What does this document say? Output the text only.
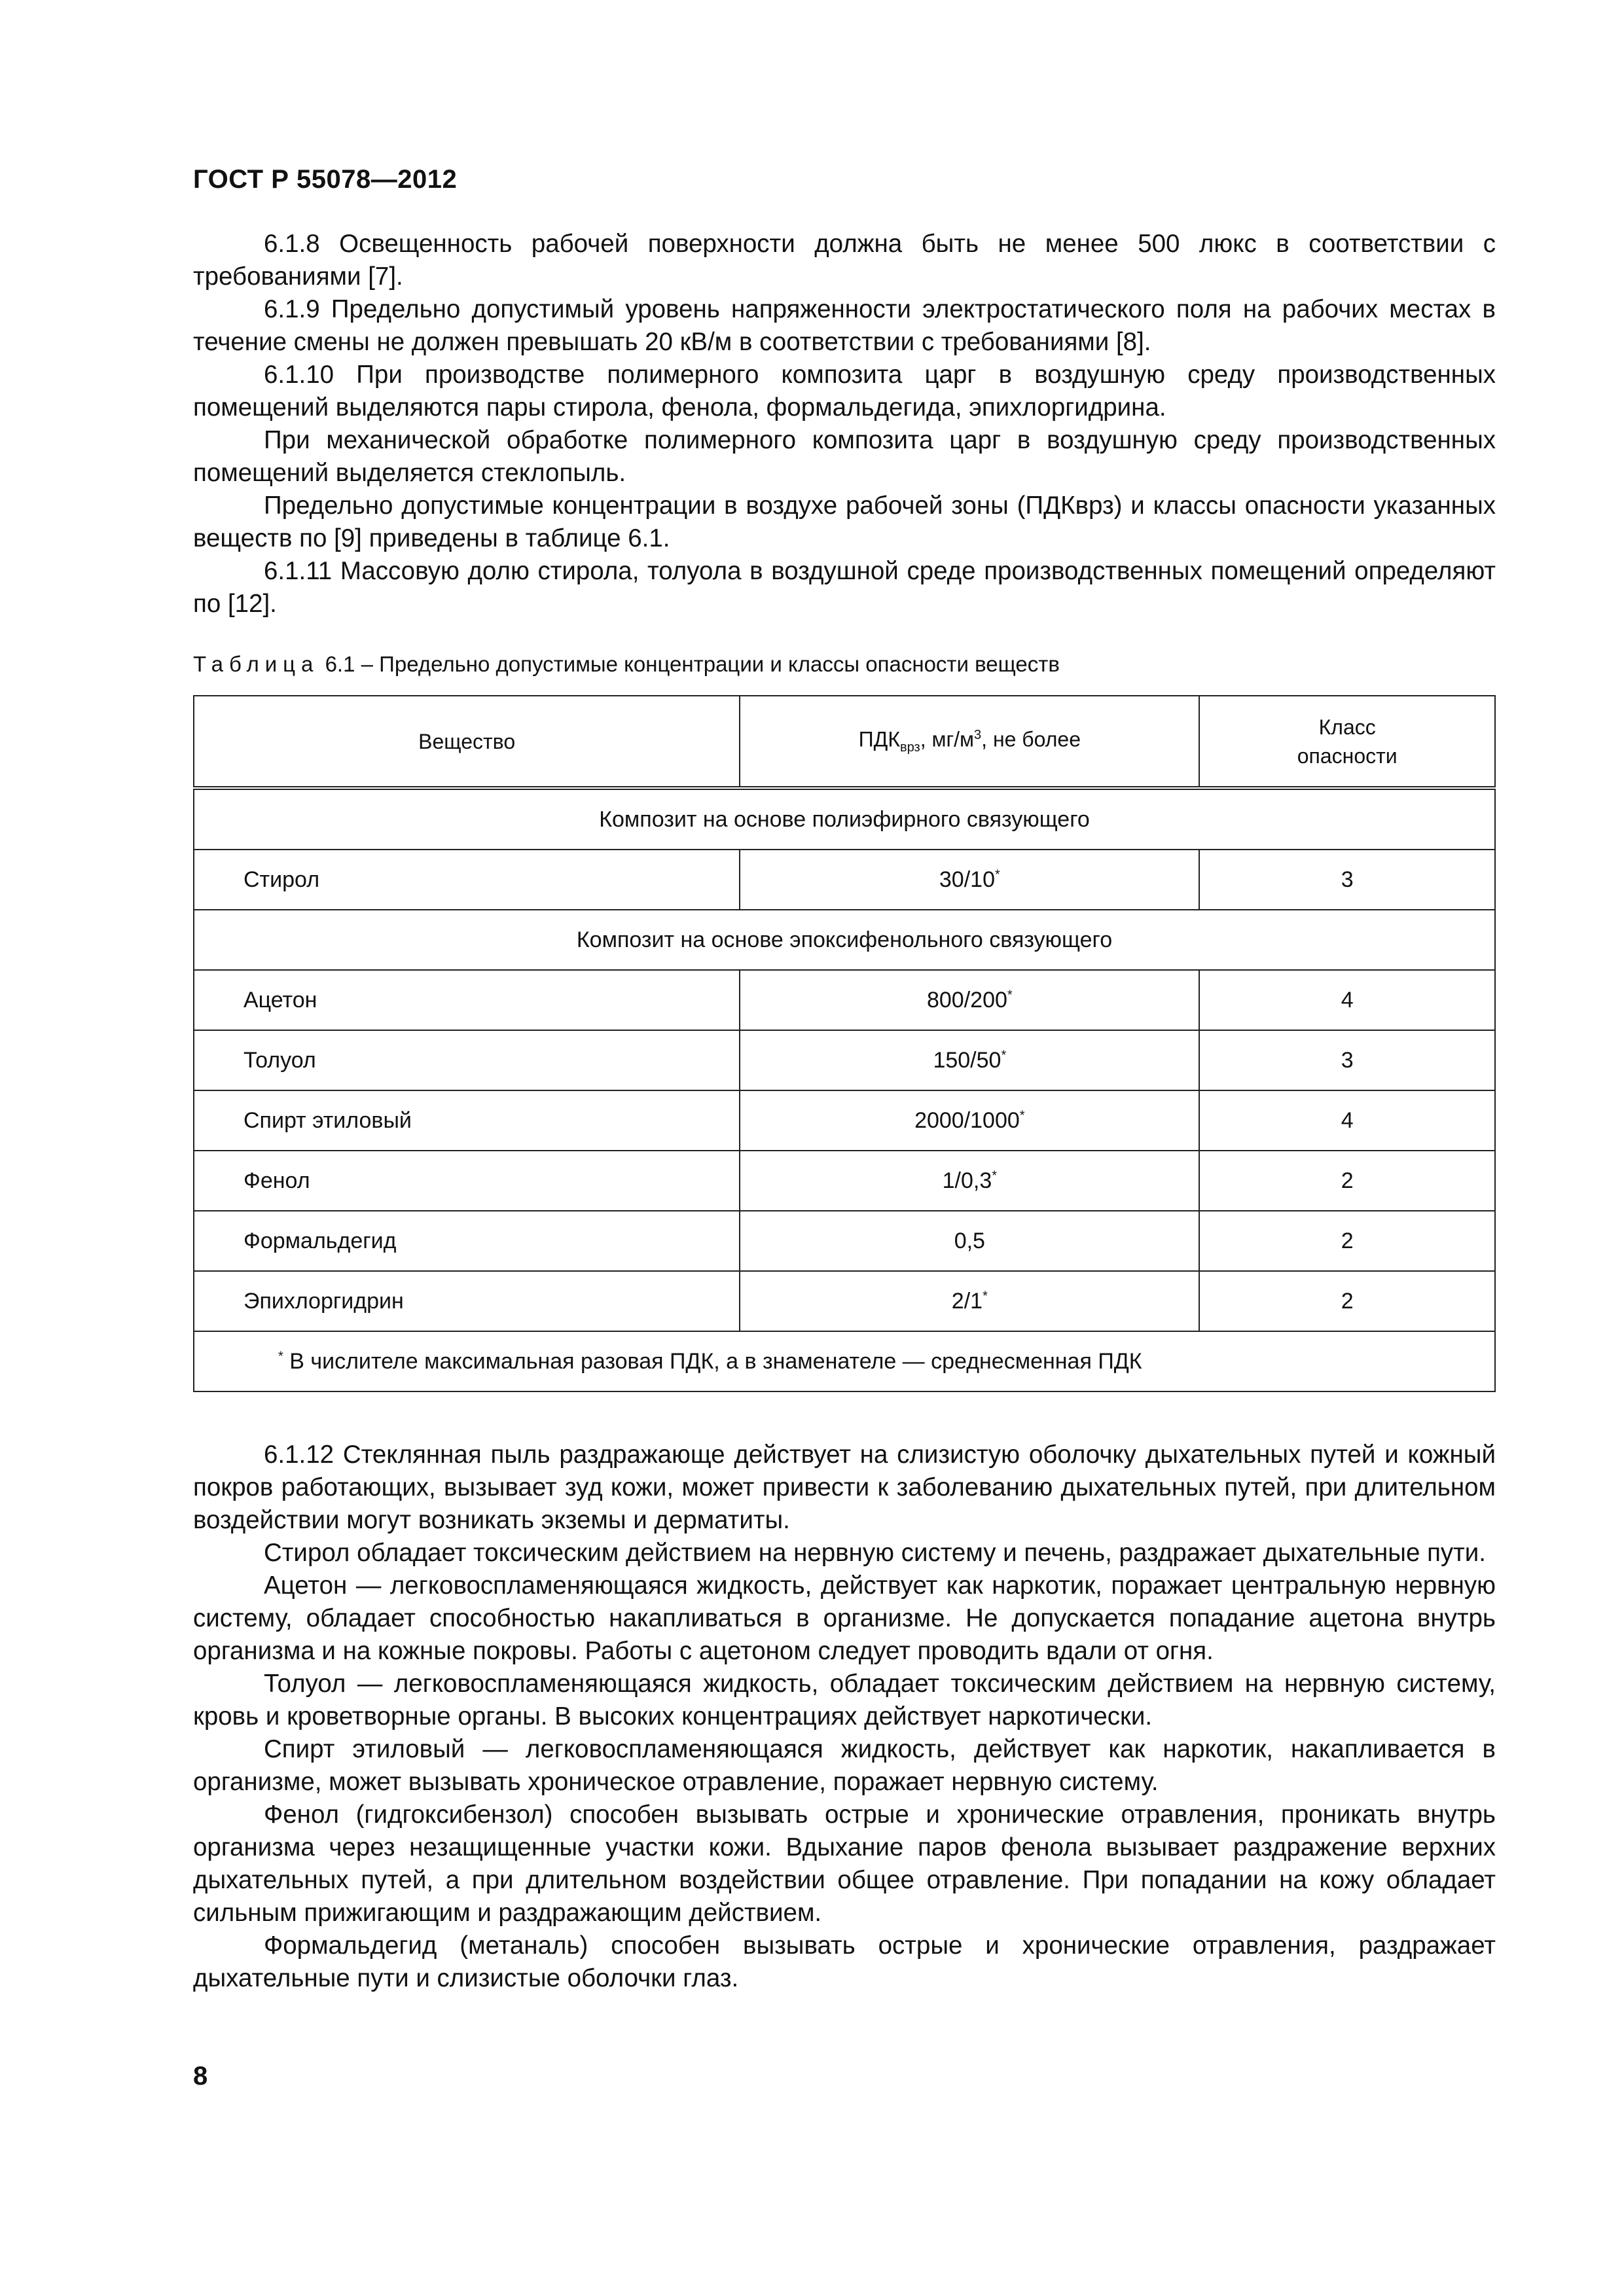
ГОСТ Р 55078—2012

6.1.8 Освещенность рабочей поверхности должна быть не менее 500 люкс в соответствии с требованиями [7].

6.1.9 Предельно допустимый уровень напряженности электростатического поля на рабочих местах в течение смены не должен превышать 20 кВ/м в соответствии с требованиями [8].

6.1.10 При производстве полимерного композита царг в воздушную среду производственных помещений выделяются пары стирола, фенола, формальдегида, эпихлоргидрина.

При механической обработке полимерного композита царг в воздушную среду производственных помещений выделяется стеклопыль.

Предельно допустимые концентрации в воздухе рабочей зоны (ПДКврз) и классы опасности указанных веществ по [9] приведены в таблице 6.1.

6.1.11 Массовую долю стирола, толуола в воздушной среде производственных помещений определяют по [12].

Таблица 6.1 – Предельно допустимые концентрации и классы опасности веществ
Вещество	$ПДК_{врз}$, $мг/м^3$, не более	Класс
опасности
Композит на основе полиэфирного связующего		
Стирол	30/10*	3
Композит на основе эпоксифенольного связующего		
Ацетон	800/200*	4
Толуол	150/50*	3
Спирт этиловый	2000/1000*	4
Фенол	1/0,3*	2
Формальдегид	0,5	2
Эпихлоргидрин	2/1*	2
* В числителе максимальная разовая ПДК, а в знаменателе — среднесменная ПДК		

6.1.12 Стеклянная пыль раздражающе действует на слизистую оболочку дыхательных путей и кожный покров работающих, вызывает зуд кожи, может привести к заболеванию дыхательных путей, при длительном воздействии могут возникать экземы и дерматиты.

Стирол обладает токсическим действием на нервную систему и печень, раздражает дыхательные пути.

Ацетон — легковоспламеняющаяся жидкость, действует как наркотик, поражает центральную нервную систему, обладает способностью накапливаться в организме. Не допускается попадание ацетона внутрь организма и на кожные покровы. Работы с ацетоном следует проводить вдали от огня.

Толуол — легковоспламеняющаяся жидкость, обладает токсическим действием на нервную систему, кровь и кроветворные органы. В высоких концентрациях действует наркотически.

Спирт этиловый — легковоспламеняющаяся жидкость, действует как наркотик, накапливается в организме, может вызывать хроническое отравление, поражает нервную систему.

Фенол (гидгоксибензол) способен вызывать острые и хронические отравления, проникать внутрь организма через незащищенные участки кожи. Вдыхание паров фенола вызывает раздражение верхних дыхательных путей, а при длительном воздействии общее отравление. При попадании на кожу обладает сильным прижигающим и раздражающим действием.

Формальдегид (метаналь) способен вызывать острые и хронические отравления, раздражает дыхательные пути и слизистые оболочки глаз.

8
